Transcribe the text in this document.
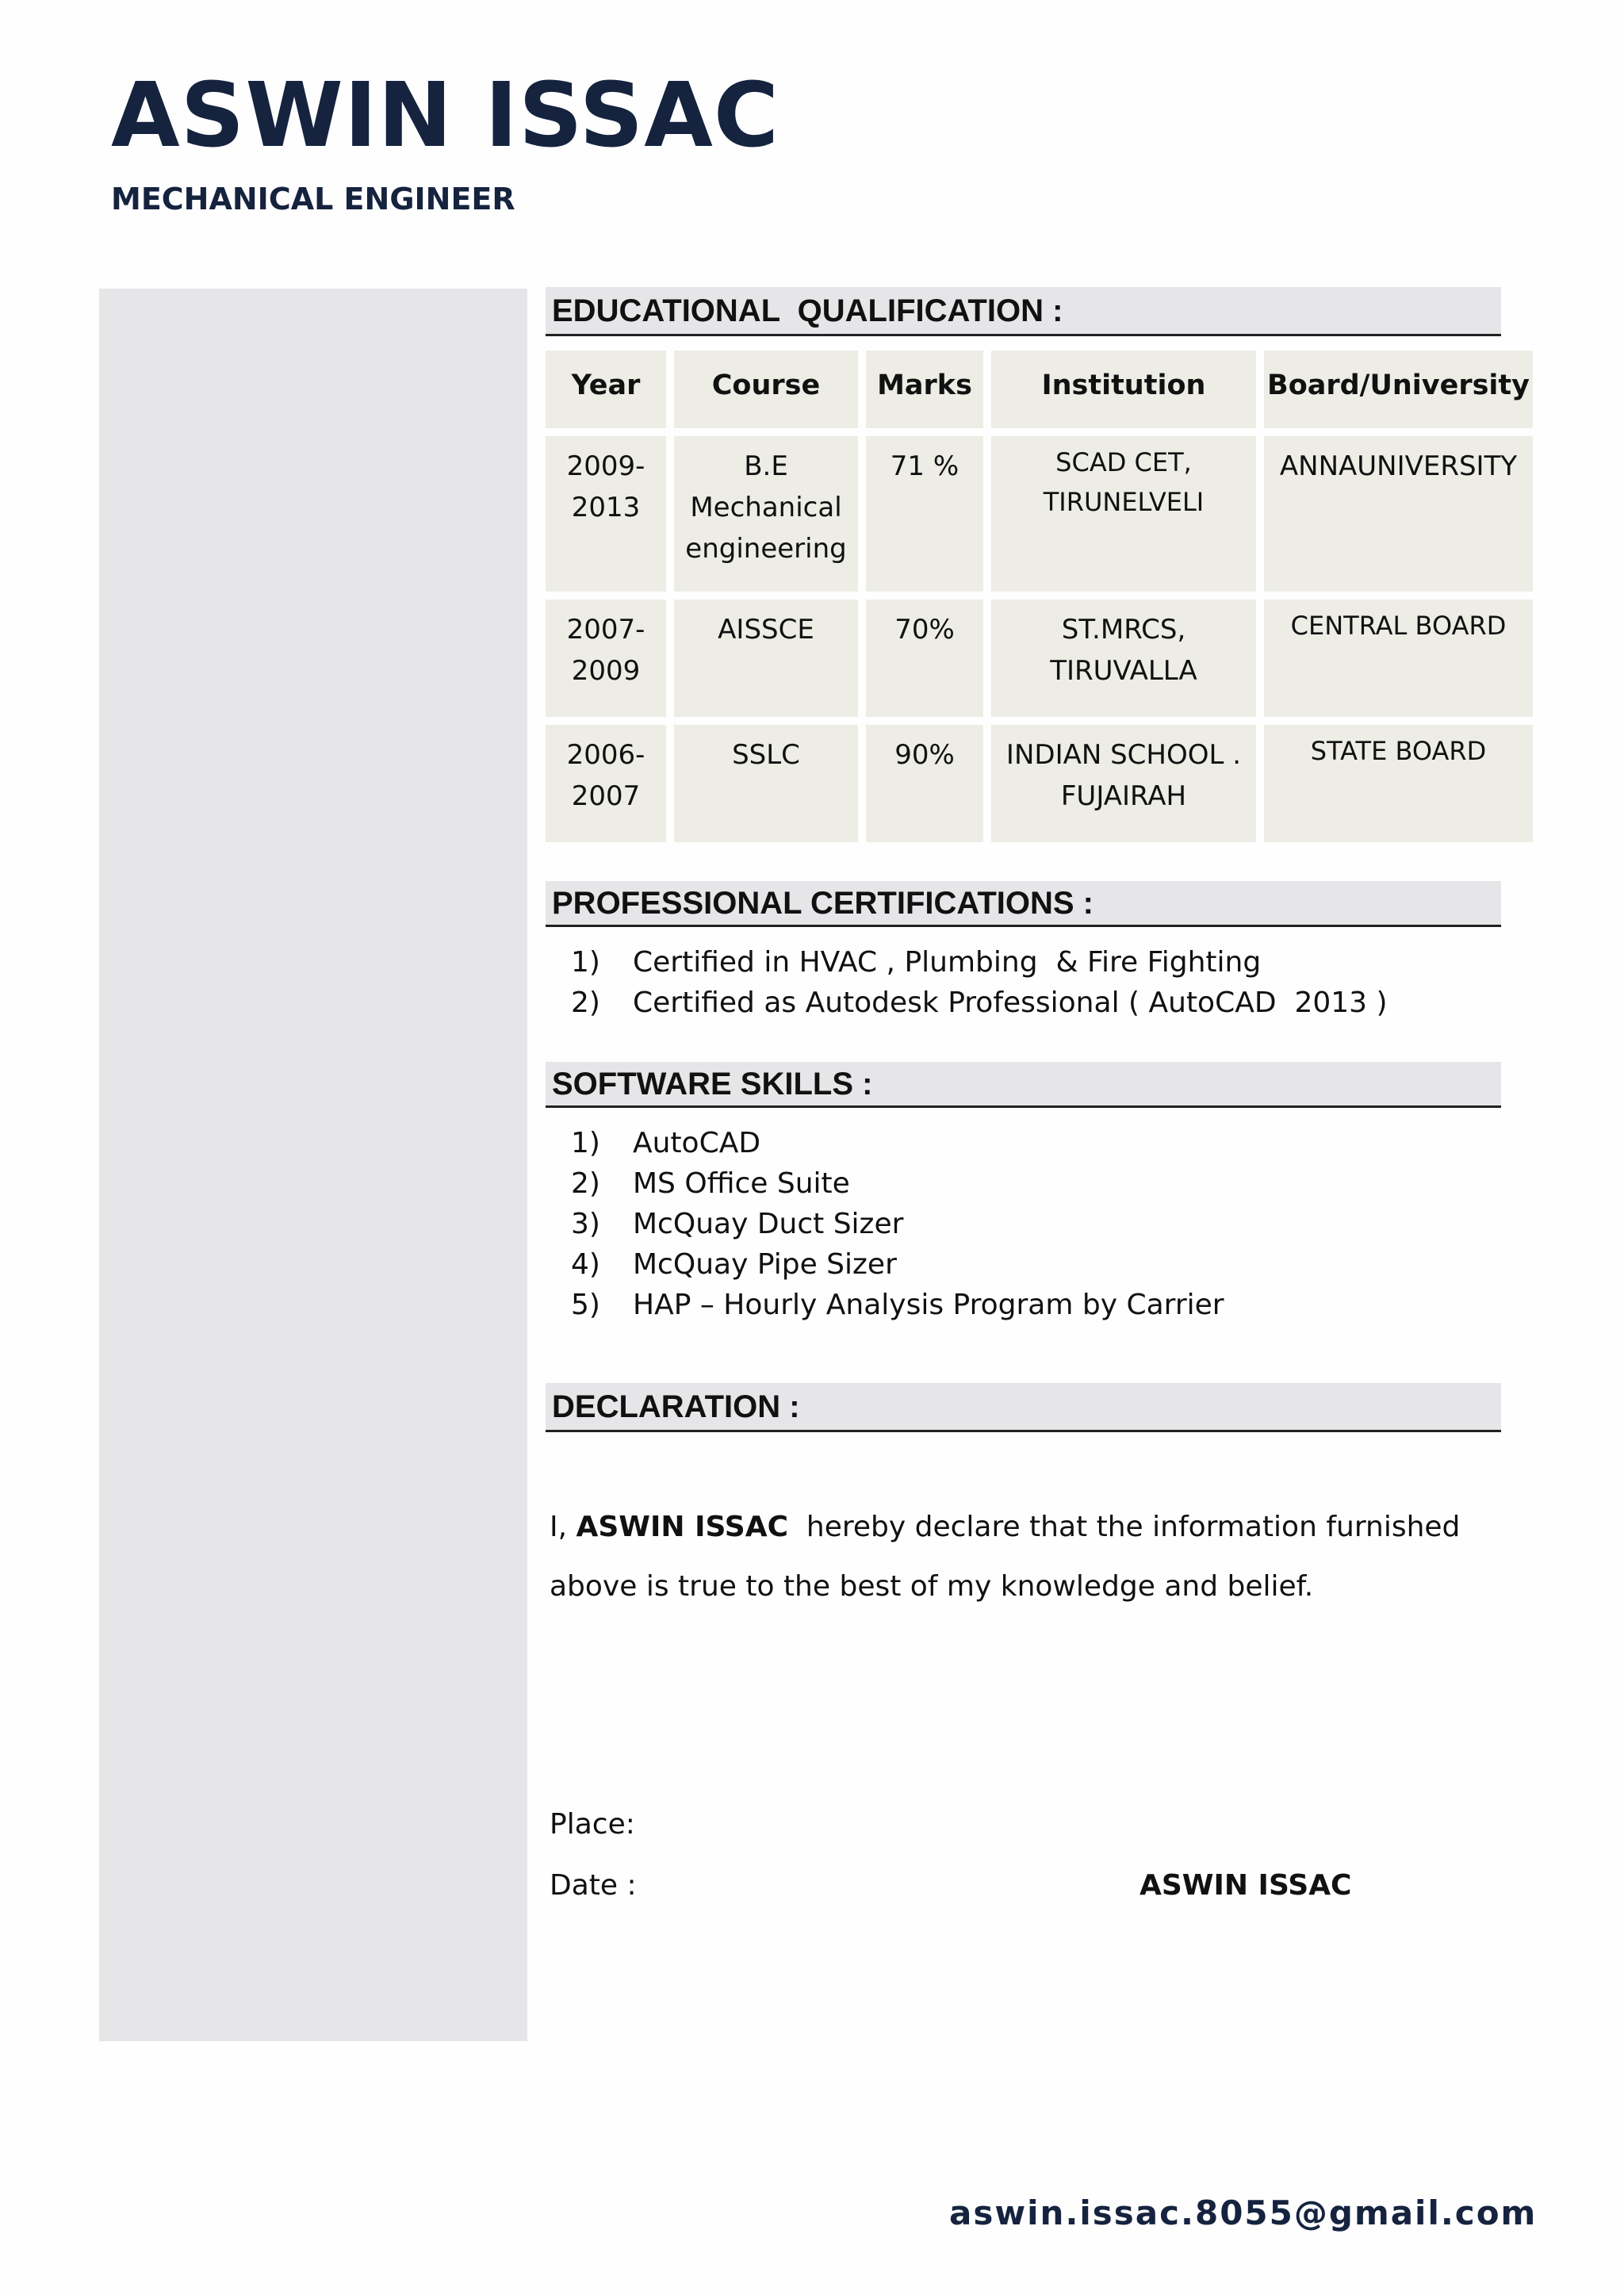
ASWIN ISSAC
MECHANICAL ENGINEER
EDUCATIONAL  QUALIFICATION :
Year	Course	Marks	Institution	Board/University
2009-2013	B.E Mechanical engineering	71 %	SCAD CET, TIRUNELVELI	ANNAUNIVERSITY
2007-2009	AISSCE	70%	ST.MRCS, TIRUVALLA	CENTRAL BOARD
2006-2007	SSLC	90%	INDIAN SCHOOL . FUJAIRAH	STATE BOARD
PROFESSIONAL CERTIFICATIONS :
1) Certified in HVAC , Plumbing  & Fire Fighting
2) Certified as Autodesk Professional ( AutoCAD  2013 )
SOFTWARE SKILLS :
1) AutoCAD
2) MS Office Suite
3) McQuay Duct Sizer
4) McQuay Pipe Sizer
5) HAP – Hourly Analysis Program by Carrier
DECLARATION :

I, ASWIN ISSAC  hereby declare that the information furnished above is true to the best of my knowledge and belief.

Place:
Date :	ASWIN ISSAC
aswin.issac.8055@gmail.com
